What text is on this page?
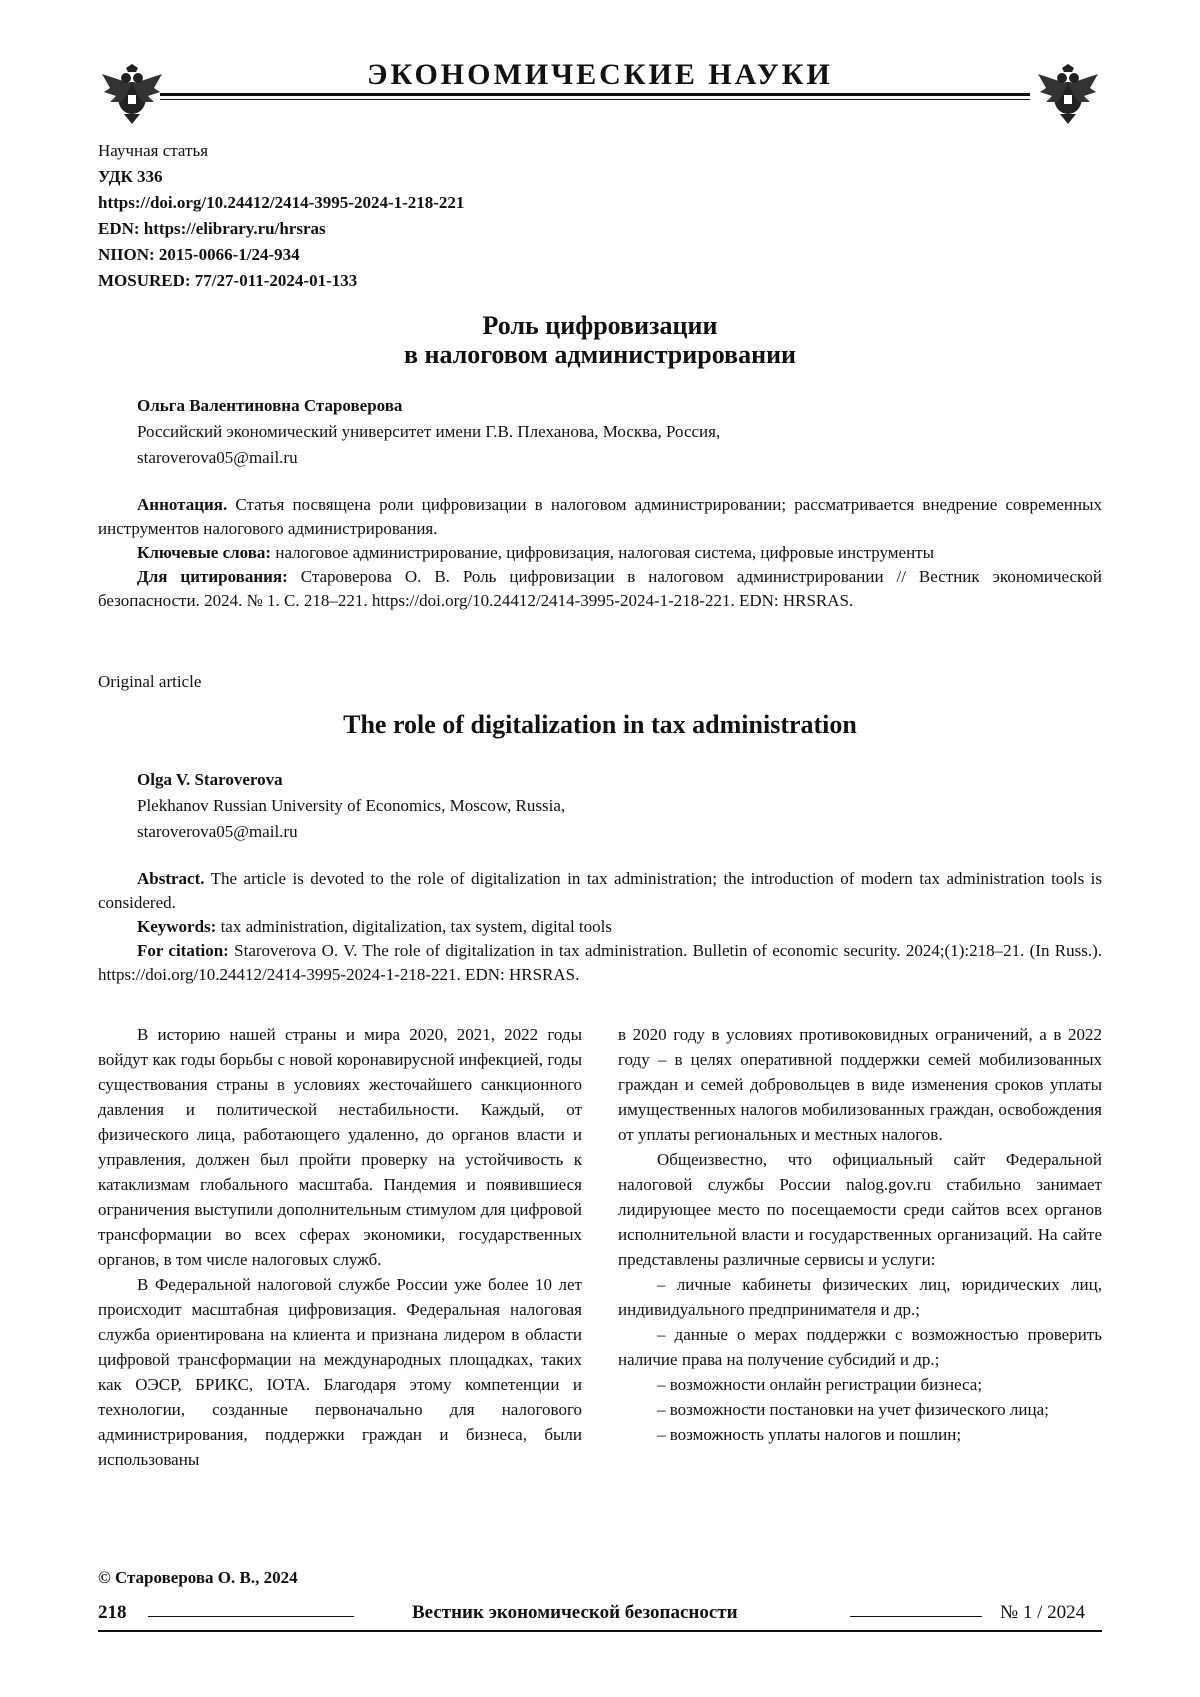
ЭКОНОМИЧЕСКИЕ НАУКИ
Научная статья
УДК 336
https://doi.org/10.24412/2414-3995-2024-1-218-221
EDN: https://elibrary.ru/hrsras
NIION: 2015-0066-1/24-934
MOSURED: 77/27-011-2024-01-133
Роль цифровизации
в налоговом администрировании
Ольга Валентиновна Староверова
Российский экономический университет имени Г.В. Плеханова, Москва, Россия,
staroverova05@mail.ru

Аннотация. Статья посвящена роли цифровизации в налоговом администрировании; рассматривается внедрение современных инструментов налогового администрирования.

Ключевые слова: налоговое администрирование, цифровизация, налоговая система, цифровые инструменты

Для цитирования: Староверова О. В. Роль цифровизации в налоговом администрировании // Вестник экономической безопасности. 2024. № 1. С. 218–221. https://doi.org/10.24412/2414-3995-2024-1-218-221. EDN: HRSRAS.

Original article
The role of digitalization in tax administration
Olga V. Staroverova
Plekhanov Russian University of Economics, Moscow, Russia,
staroverova05@mail.ru

Abstract. The article is devoted to the role of digitalization in tax administration; the introduction of modern tax administration tools is considered.

Keywords: tax administration, digitalization, tax system, digital tools

For citation: Staroverova O. V. The role of digitalization in tax administration. Bulletin of economic security. 2024;(1):218–21. (In Russ.). https://doi.org/10.24412/2414-3995-2024-1-218-221. EDN: HRSRAS.

В историю нашей страны и мира 2020, 2021, 2022 годы войдут как годы борьбы с новой коронавирусной инфекцией, годы существования страны в условиях жесточайшего санкционного давления и политической нестабильности. Каждый, от физического лица, работающего удаленно, до органов власти и управления, должен был пройти проверку на устойчивость к катаклизмам глобального масштаба. Пандемия и появившиеся ограничения выступили дополнительным стимулом для цифровой трансформации во всех сферах экономики, государственных органов, в том числе налоговых служб.

В Федеральной налоговой службе России уже более 10 лет происходит масштабная цифровизация. Федеральная налоговая служба ориентирована на клиента и признана лидером в области цифровой трансформации на международных площадках, таких как ОЭСР, БРИКС, IOTA. Благодаря этому компетенции и технологии, созданные первоначально для налогового администрирования, поддержки граждан и бизнеса, были использованы

в 2020 году в условиях противоковидных ограничений, а в 2022 году – в целях оперативной поддержки семей мобилизованных граждан и семей добровольцев в виде изменения сроков уплаты имущественных налогов мобилизованных граждан, освобождения от уплаты региональных и местных налогов.

Общеизвестно, что официальный сайт Федеральной налоговой службы России nalog.gov.ru стабильно занимает лидирующее место по посещаемости среди сайтов всех органов исполнительной власти и государственных организаций. На сайте представлены различные сервисы и услуги:

– личные кабинеты физических лиц, юридических лиц, индивидуального предпринимателя и др.;

– данные о мерах поддержки с возможностью проверить наличие права на получение субсидий и др.;

– возможности онлайн регистрации бизнеса;

– возможности постановки на учет физического лица;

– возможность уплаты налогов и пошлин;

© Староверова О. В., 2024
218	Вестник экономической безопасности	№ 1 / 2024
